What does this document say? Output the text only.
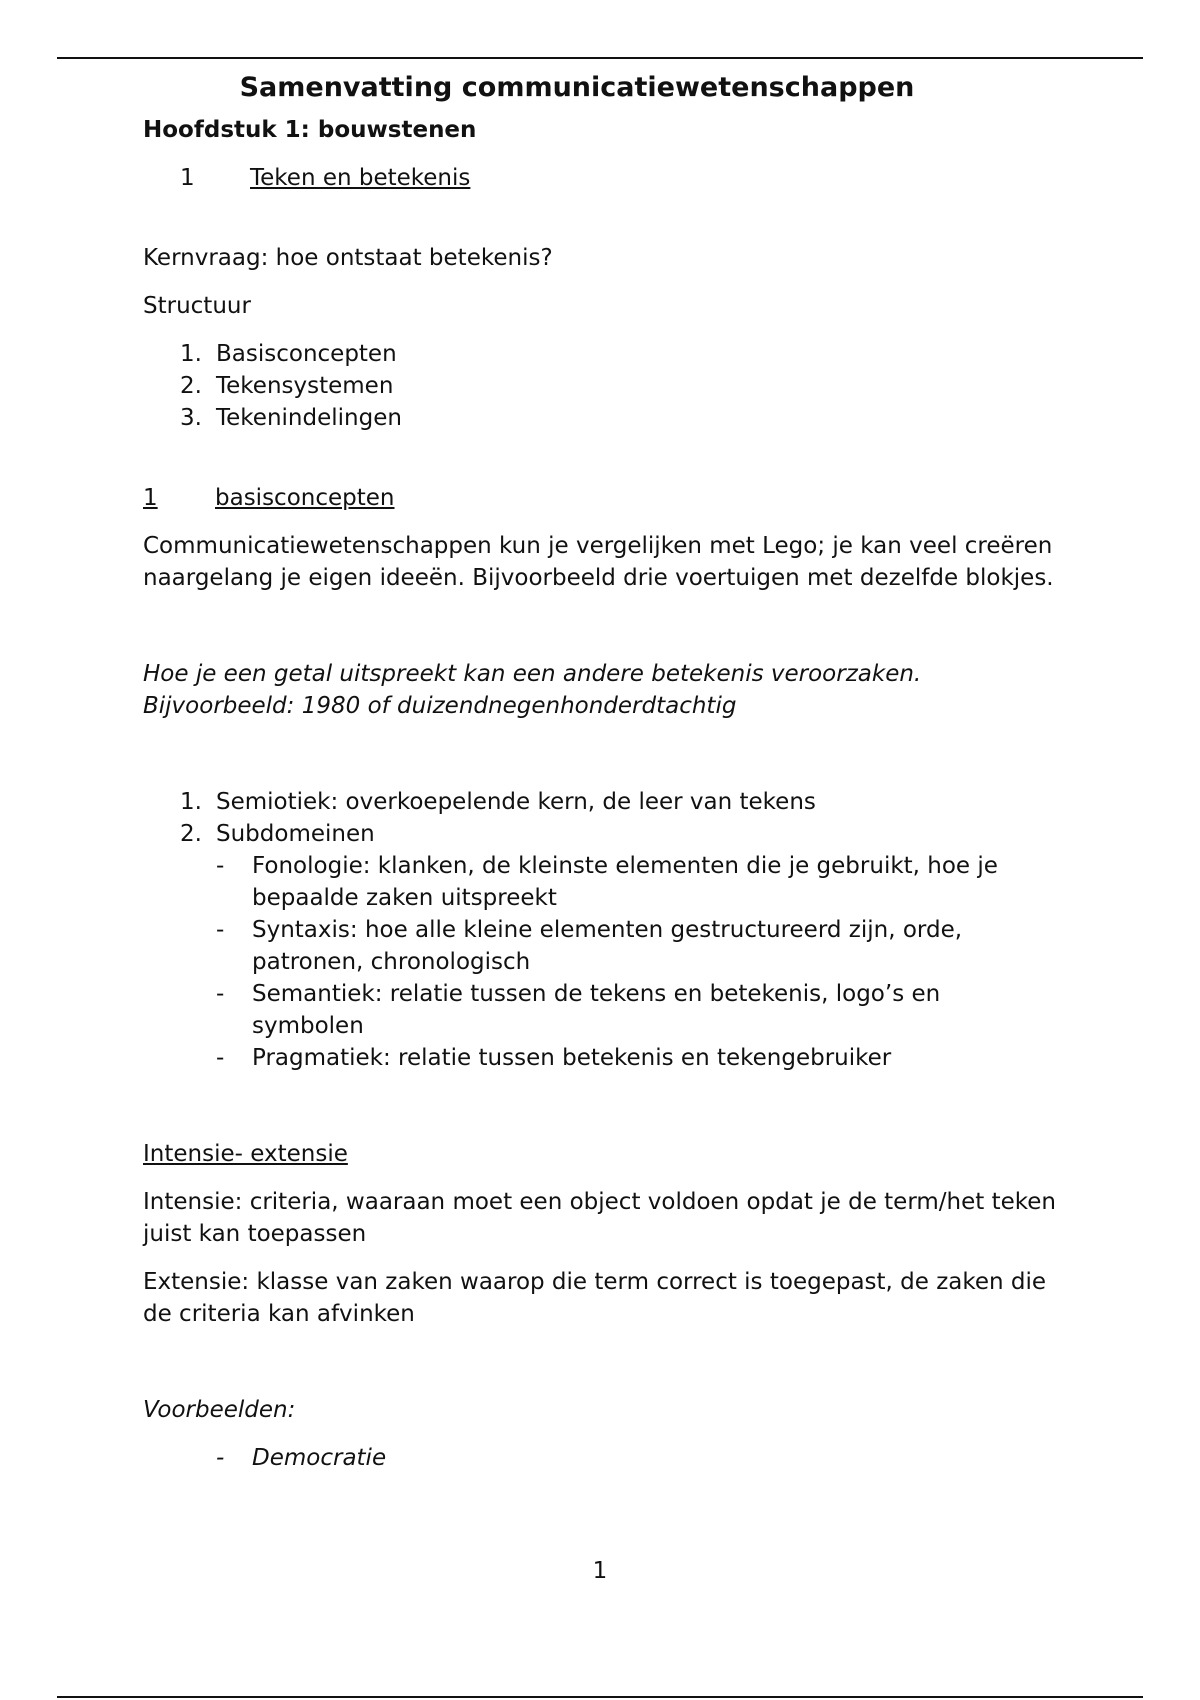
Samenvatting communicatiewetenschappen
Hoofdstuk 1: bouwstenen
1	Teken en betekenis

Kernvraag: hoe ontstaat betekenis?

Structuur

1. Basisconcepten
2. Tekensystemen
3. Tekenindelingen
1	basisconcepten

Communicatiewetenschappen kun je vergelijken met Lego; je kan veel creëren naargelang je eigen ideeën. Bijvoorbeeld drie voertuigen met dezelfde blokjes.

Hoe je een getal uitspreekt kan een andere betekenis veroorzaken.

Bijvoorbeeld: 1980 of duizendnegenhonderdtachtig

1. Semiotiek: overkoepelende kern, de leer van tekens
2. Subdomeinen
-	Fonologie: klanken, de kleinste elementen die je gebruikt, hoe je bepaalde zaken uitspreekt
-	Syntaxis: hoe alle kleine elementen gestructureerd zijn, orde, patronen, chronologisch
-	Semantiek: relatie tussen de tekens en betekenis, logo’s en symbolen
-	Pragmatiek: relatie tussen betekenis en tekengebruiker

Intensie- extensie

Intensie: criteria, waaraan moet een object voldoen opdat je de term/het teken juist kan toepassen

Extensie: klasse van zaken waarop die term correct is toegepast, de zaken die de criteria kan afvinken

Voorbeelden:

-	Democratie
1
